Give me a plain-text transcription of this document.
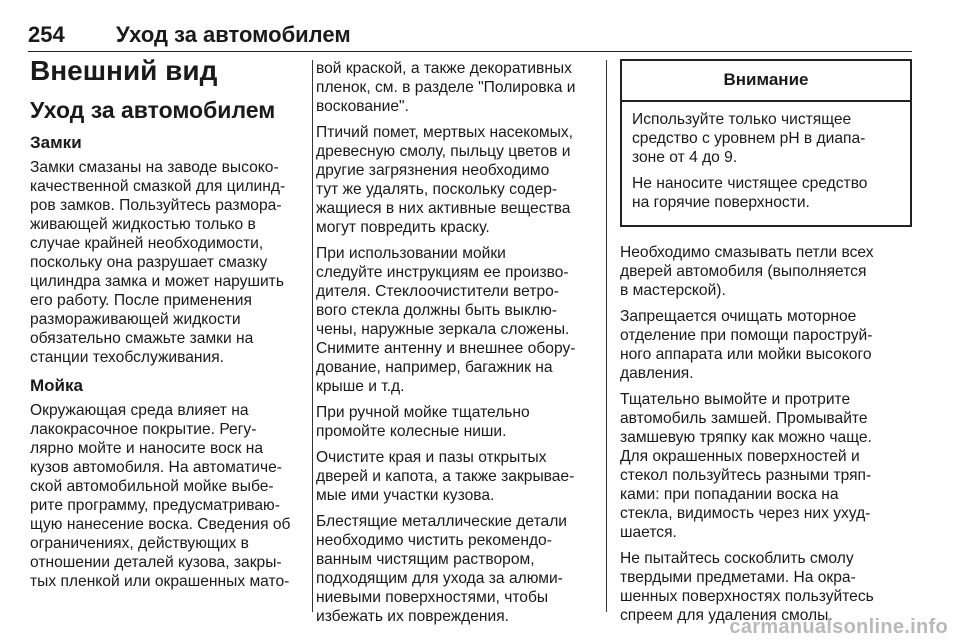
254 Уход за автомобилем
Внешний вид
Уход за автомобилем
Замки
Замки смазаны на заводе высоко-
качественной смазкой для цилинд-
ров замков. Пользуйтесь размора-
живающей жидкостью только в
случае крайней необходимости,
поскольку она разрушает смазку
цилиндра замка и может нарушить
его работу. После применения
размораживающей жидкости
обязательно смажьте замки на
станции техобслуживания.
Мойка
Окружающая среда влияет на
лакокрасочное покрытие. Регу-
лярно мойте и наносите воск на
кузов автомобиля. На автоматиче-
ской автомобильной мойке выбе-
рите программу, предусматриваю-
щую нанесение воска. Сведения об
ограничениях, действующих в
отношении деталей кузова, закры-
тых пленкой или окрашенных мато-
вой краской, а также декоративных
пленок, см. в разделе "Полировка и
воскование".
Птичий помет, мертвых насекомых,
древесную смолу, пыльцу цветов и
другие загрязнения необходимо
тут же удалять, поскольку содер-
жащиеся в них активные вещества
могут повредить краску.
При использовании мойки
следуйте инструкциям ее произво-
дителя. Стеклоочистители ветро-
вого стекла должны быть выклю-
чены, наружные зеркала сложены.
Снимите антенну и внешнее обору-
дование, например, багажник на
крыше и т.д.
При ручной мойке тщательно
промойте колесные ниши.
Очистите края и пазы открытых
дверей и капота, а также закрывае-
мые ими участки кузова.
Блестящие металлические детали
необходимо чистить рекомендо-
ванным чистящим раствором,
подходящим для ухода за алюми-
ниевыми поверхностями, чтобы
избежать их повреждения.
Внимание
Используйте только чистящее
средство с уровнем pH в диапа-
зоне от 4 до 9.
Не наносите чистящее средство
на горячие поверхности.
Необходимо смазывать петли всех
дверей автомобиля (выполняется
в мастерской).
Запрещается очищать моторное
отделение при помощи пароструй-
ного аппарата или мойки высокого
давления.
Тщательно вымойте и протрите
автомобиль замшей. Промывайте
замшевую тряпку как можно чаще.
Для окрашенных поверхностей и
стекол пользуйтесь разными тряп-
ками: при попадании воска на
стекла, видимость через них ухуд-
шается.
Не пытайтесь соскоблить смолу
твердыми предметами. На окра-
шенных поверхностях пользуйтесь
спреем для удаления смолы.
carmanualsonline.info
